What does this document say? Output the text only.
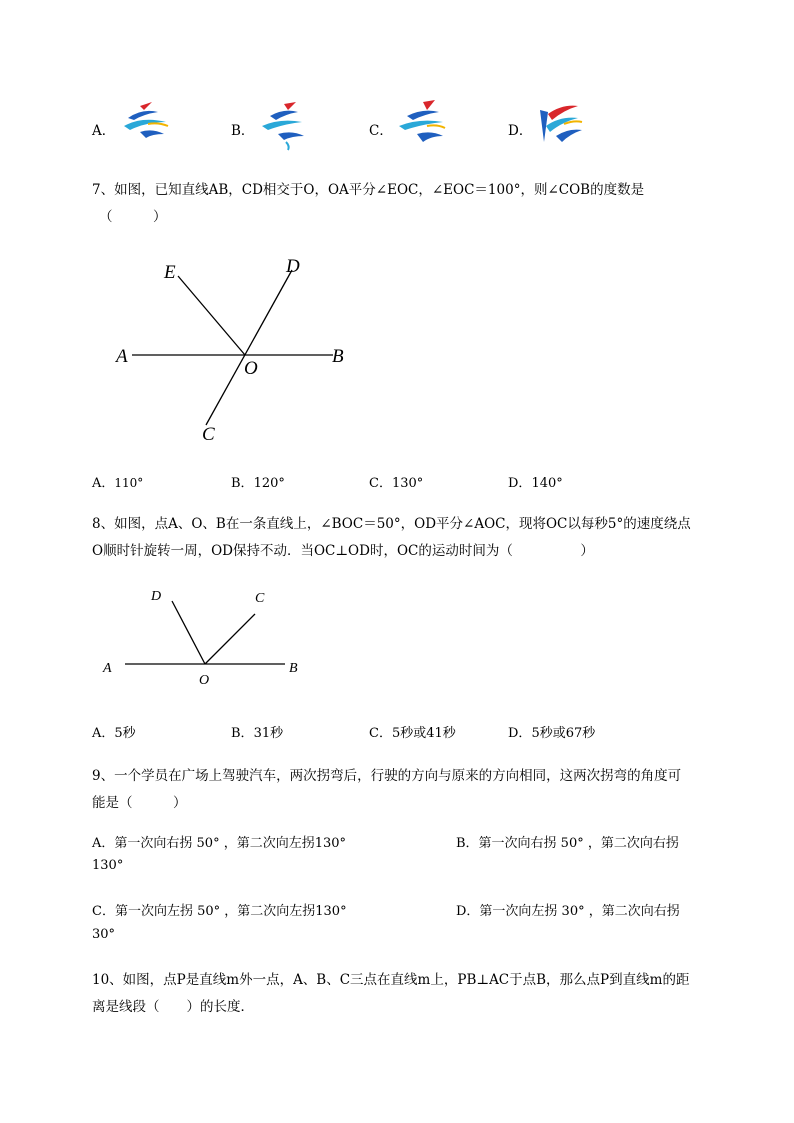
A．	B．	C．	D．
7、如图，已知直线AB，CD相交于O，OA平分∠EOC，∠EOC＝100°，则∠COB的度数是
（　　　）
E	D
A
O
B
C
A．110°	B．120°	C．130°	D．140°
8、如图，点A、O、B在一条直线上，∠BOC＝50°，OD平分∠AOC，现将OC以每秒5°的速度绕点
O顺时针旋转一周，OD保持不动．当OC⊥OD时，OC的运动时间为（　　　　　）
D	C
A
O
B
A．5秒	B．31秒	C．5秒或41秒	D．5秒或67秒
9、一个学员在广场上驾驶汽车，两次拐弯后，行驶的方向与原来的方向相同，这两次拐弯的角度可
能是（　　　）
A．第一次向右拐 50° ，第二次向左拐130°	B．第一次向右拐 50° ，第二次向右拐
130°
C．第一次向左拐 50° ，第二次向左拐130°	D．第一次向左拐 30° ，第二次向右拐
30°
10、如图，点P是直线m外一点，A、B、C三点在直线m上，PB⊥AC于点B，那么点P到直线m的距
离是线段（　　）的长度．
